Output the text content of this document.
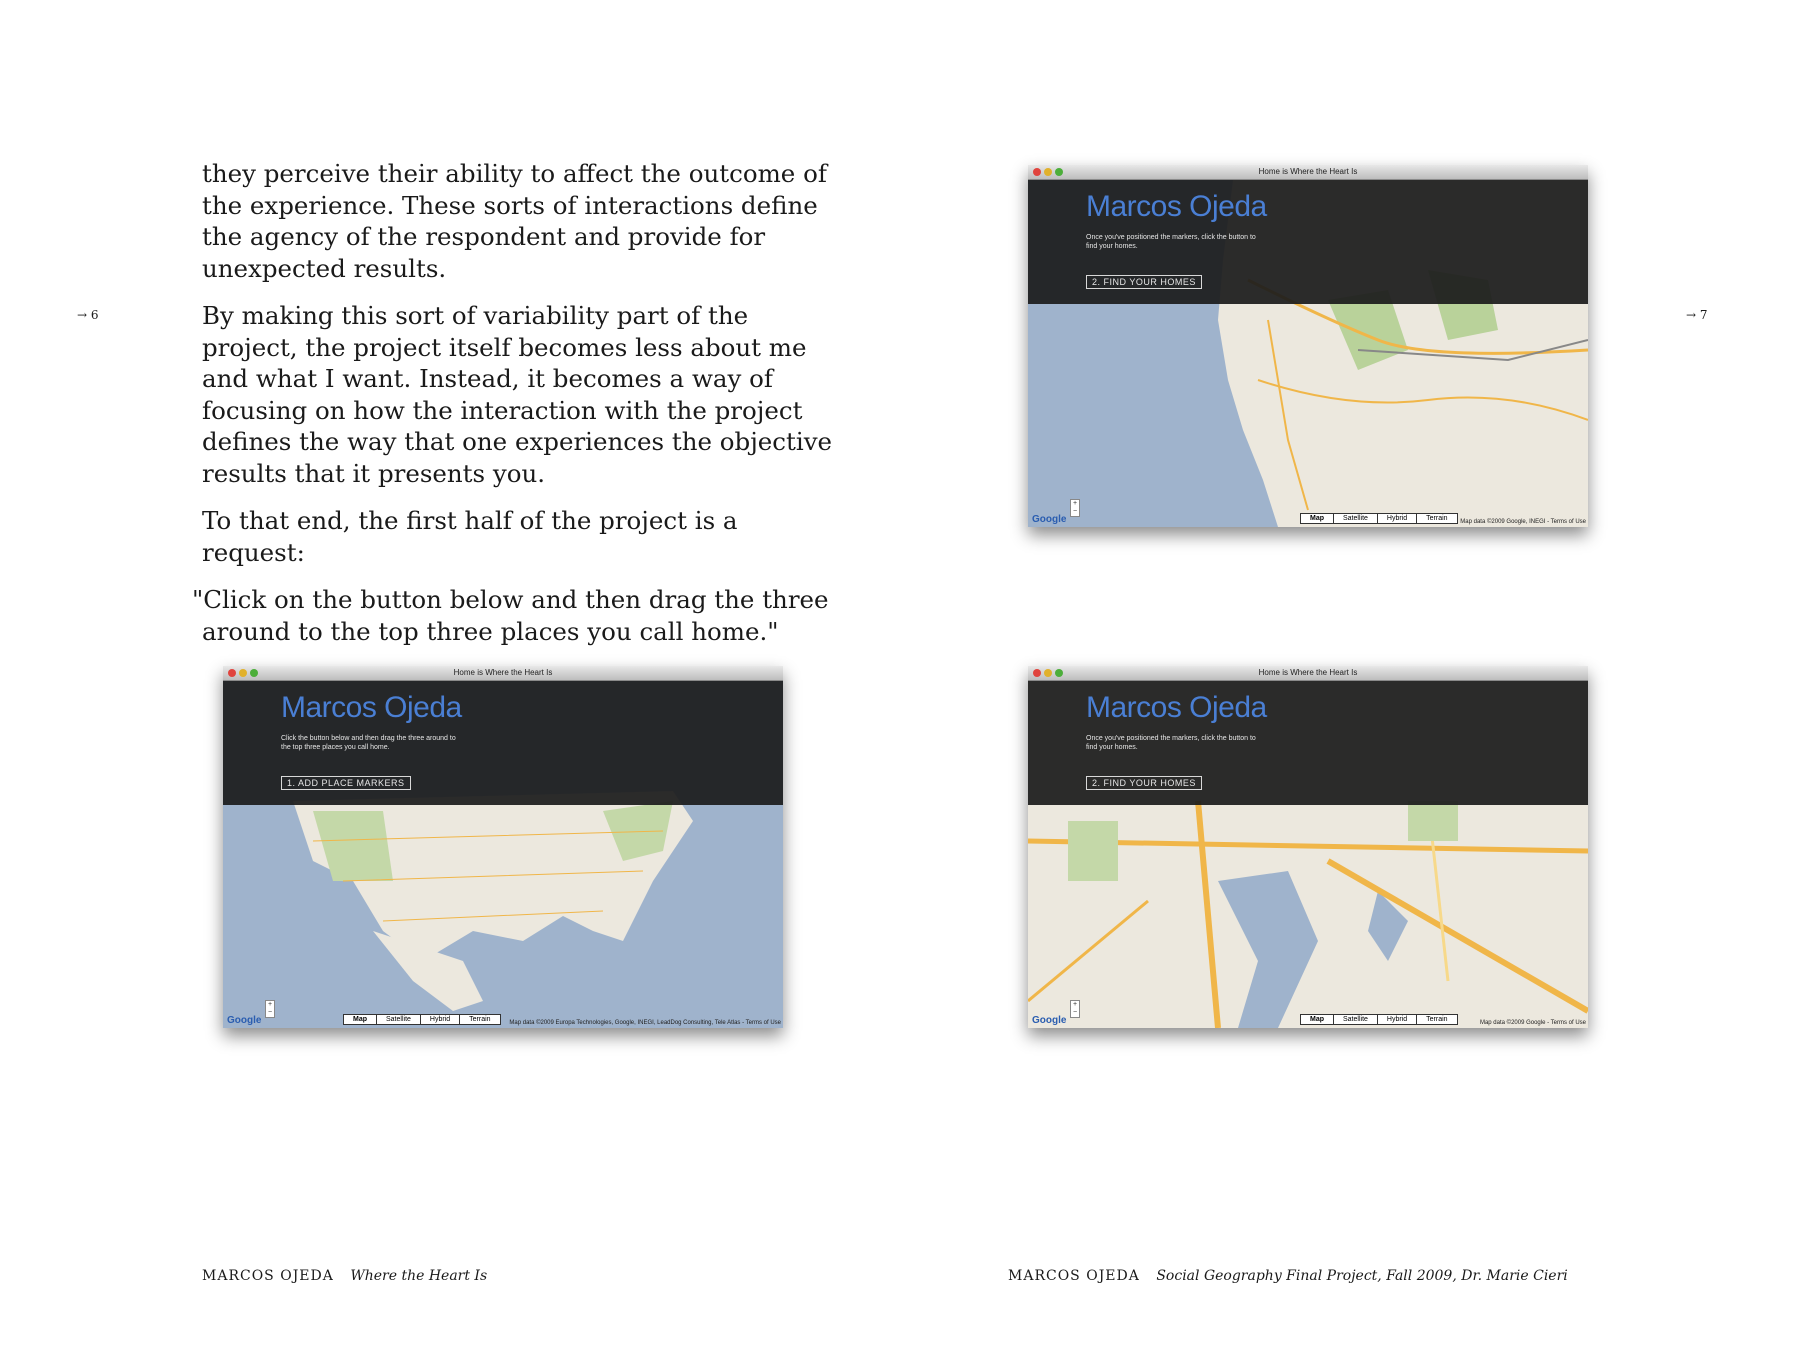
they perceive their ability to affect the outcome of the experience. These sorts of interactions define the agency of the respondent and provide for unexpected results.

By making this sort of variability part of the project, the project itself becomes less about me and what I want. Instead, it becomes a way of focusing on how the interaction with the project defines the way that one experiences the objective results that it presents you.

To that end, the first half of the project is a request:

"Click on the button below and then drag the three around to the top three places you call home."

→ 6	→ 7
Home is Where the Heart Is
Marcos Ojeda
Once you've positioned the markers, click the button to find your homes.
2. FIND YOUR HOMES
Google
+
−
Map	Satellite	Hybrid	Terrain	Map data ©2009 Google, INEGI - Terms of Use
Home is Where the Heart Is
Marcos Ojeda
Click the button below and then drag the three around to the top three places you call home.
1. ADD PLACE MARKERS
Google
+
−
Map	Satellite	Hybrid	Terrain	Map data ©2009 Europa Technologies, Google, INEGI, LeadDog Consulting, Tele Atlas - Terms of Use
Home is Where the Heart Is
Marcos Ojeda
Once you've positioned the markers, click the button to find your homes.
2. FIND YOUR HOMES
Google
+
−
Map	Satellite	Hybrid	Terrain	Map data ©2009 Google - Terms of Use
MARCOS OJEDA Where the Heart Is	MARCOS OJEDA Social Geography Final Project, Fall 2009, Dr. Marie Cieri
